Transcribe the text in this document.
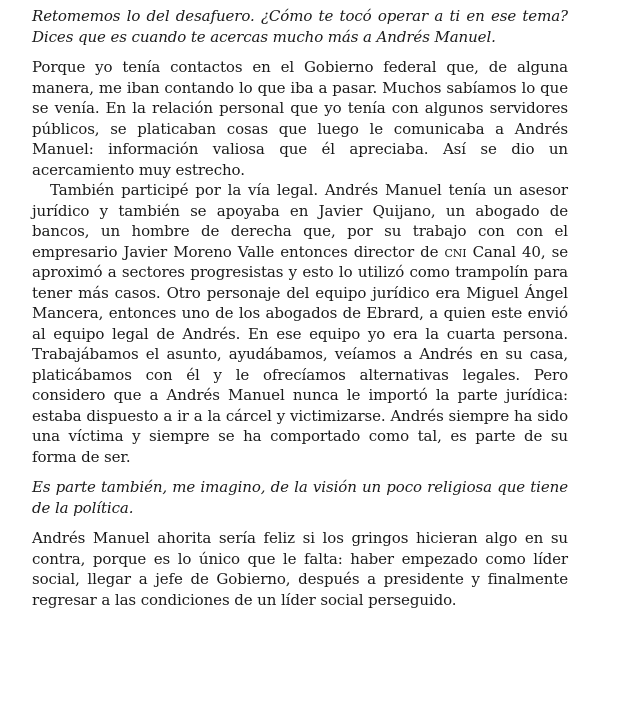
Retomemos lo del desafuero. ¿Cómo te tocó operar a ti en ese tema? Dices que es cuando te acercas mucho más a Andrés Manuel.

Porque yo tenía contactos en el Gobierno federal que, de alguna manera, me iban contando lo que iba a pasar. Muchos sabíamos lo que se venía. En la relación personal que yo tenía con algunos servidores públicos, se platicaban cosas que luego le comunicaba a Andrés Manuel: información valiosa que él apreciaba. Así se dio un acercamiento muy estrecho.

También participé por la vía legal. Andrés Manuel tenía un asesor jurídico y también se apoyaba en Javier Quijano, un abogado de bancos, un hombre de derecha que, por su trabajo con con el empresario Javier Moreno Valle entonces director de cni Canal 40, se aproximó a sectores progresistas y esto lo utilizó como trampolín para tener más casos. Otro personaje del equipo jurídico era Miguel Ángel Mancera, entonces uno de los abogados de Ebrard, a quien este envió al equipo legal de Andrés. En ese equipo yo era la cuarta persona. Trabajábamos el asunto, ayudábamos, veíamos a Andrés en su casa, platicábamos con él y le ofrecíamos alternativas legales. Pero considero que a Andrés Manuel nunca le importó la parte jurídica: estaba dispuesto a ir a la cárcel y victimizarse. Andrés siempre ha sido una víctima y siempre se ha comportado como tal, es parte de su forma de ser.

Es parte también, me imagino, de la visión un poco religiosa que tiene de la política.

Andrés Manuel ahorita sería feliz si los gringos hicieran algo en su contra, porque es lo único que le falta: haber empezado como líder social, llegar a jefe de Gobierno, después a presidente y finalmente regresar a las condiciones de un líder social perseguido.
